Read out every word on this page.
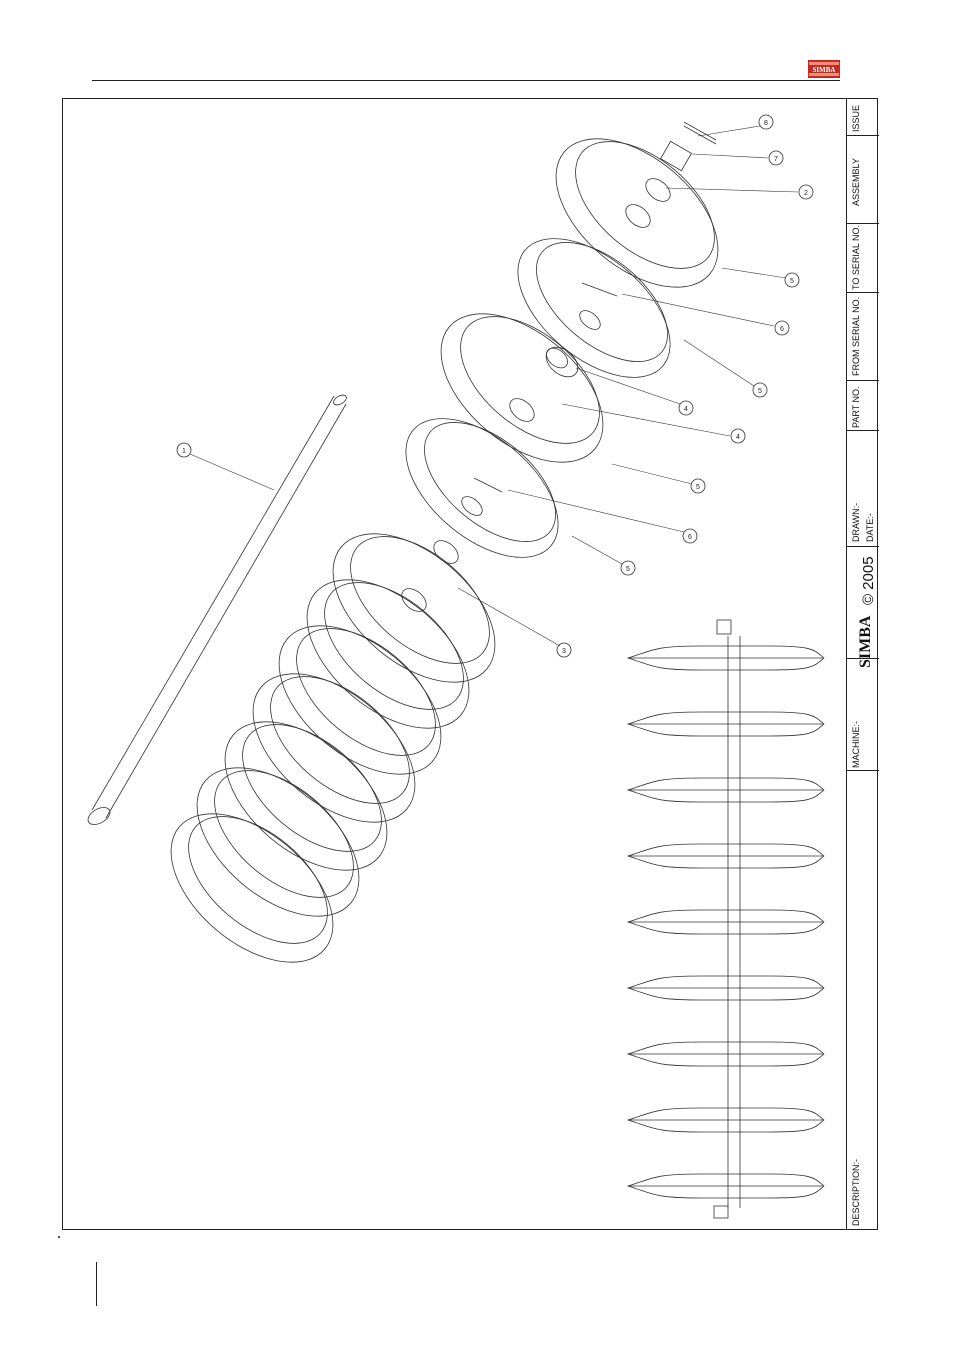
SIMBA
1
2
3
4
4
5
5
5
5
6
6
7
8	ISSUE
ASSEMBLY
TO SERIAL NO.
FROM SERIAL NO.
PART NO.
DRAWN:- DATE:-
SIMBA
MACHINE:-
DESCRIPTION:-
© 2005
